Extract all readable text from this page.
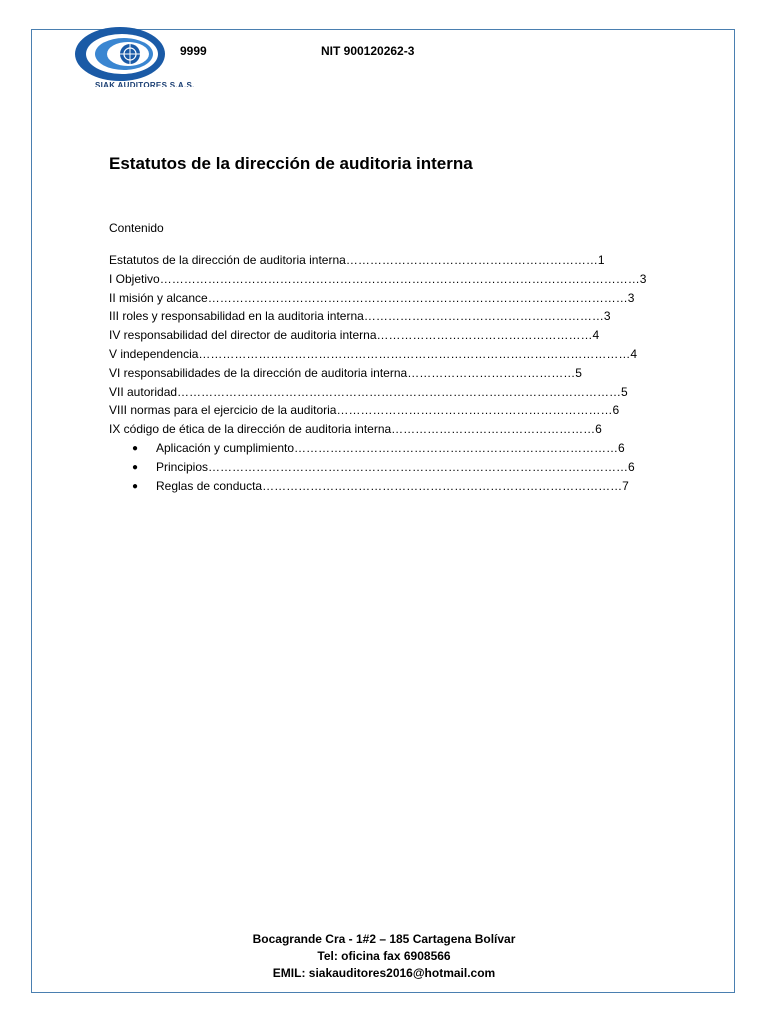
SIAK AUDITORES S.A.S.
9999	NIT 900120262-3
Estatutos de la dirección de auditoria interna
Contenido
Estatutos de la dirección de auditoria interna………………………………………………………1
I Objetivo…………………………………………………………………………………………………………3
II misión y alcance……………………………………………………………………………………………3
III roles y responsabilidad en la auditoria interna……………………………………………………3
IV responsabilidad del director de auditoria interna………………………………………………4
V independencia………………………………………………………………………………………………4
VI responsabilidades de la dirección de auditoria interna……………………………………5
VII autoridad…………………………………………………………………………………………………5
VIII normas para el ejercicio de la auditoria……………………………………………………………6
IX código de ética de la dirección de auditoria interna……………………………………………6
● Aplicación y cumplimiento………………………………………………………………………6
● Principios……………………………………………………………………………………………6
● Reglas de conducta………………………………………………………………………………7
Bocagrande Cra - 1#2 – 185 Cartagena Bolívar
Tel: oficina fax 6908566
EMIL: siakauditores2016@hotmail.com
